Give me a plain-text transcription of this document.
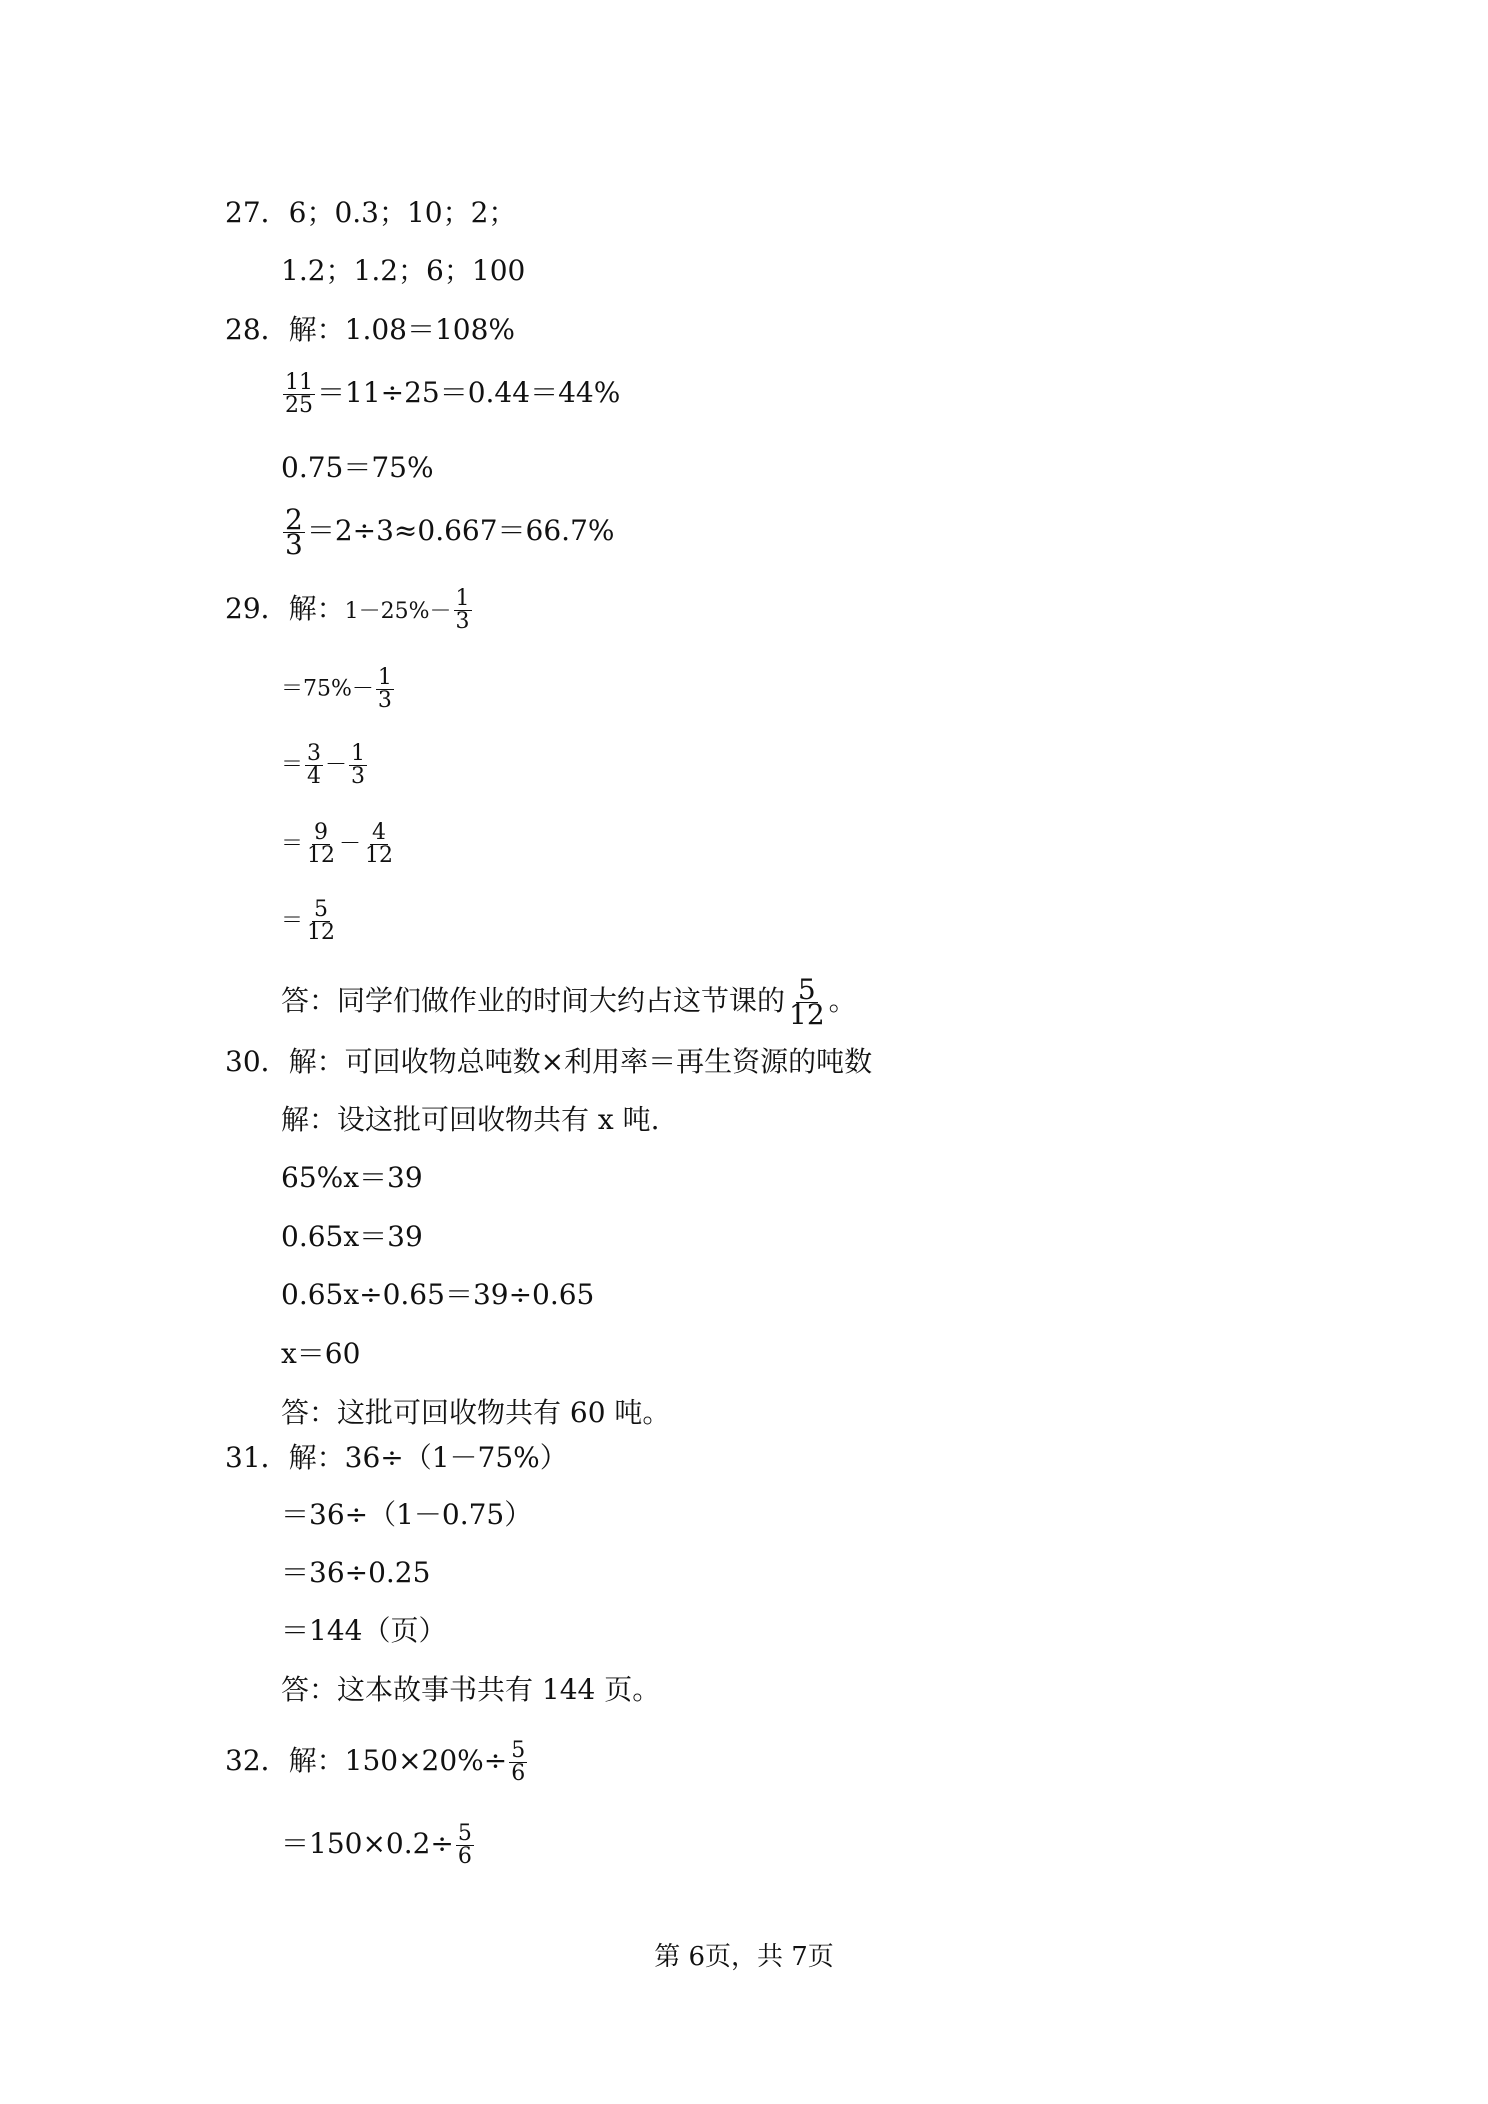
27．6；0.3；10；2；
1.2；1.2；6；100
28．解：1.08＝108%
$\frac{11}{25} =11\div 25=0.44=44\%$
0.75＝75%
$\frac{2}{3} =2\div 3\approx 0.667=66.7\%$
29．解：$1-25\%- \frac{1}{3}$
$=75\%- \frac{1}{3}$
＝ $\frac{3}{4} - \frac{1}{3}$
＝ $\frac{9}{12} - \frac{4}{12}$
＝ $\frac{5}{12}$
答：同学们做作业的时间大约占这节课的 $\frac{5}{12}$ 。
30．解：可回收物总吨数×利用率＝再生资源的吨数
解：设这批可回收物共有 x 吨.
65%x＝39
0.65x＝39
0.65x÷0.65＝39÷0.65
x＝60
答：这批可回收物共有 60 吨。
31．解：36÷（1－75%）
＝36÷（1－0.75）
＝36÷0.25
＝144（页）
答：这本故事书共有 144 页。
32．解：$150\times 20\%\div \frac{5}{6}$
$=150\times 0.2\div \frac{5}{6}$
第 6页，共 7页
